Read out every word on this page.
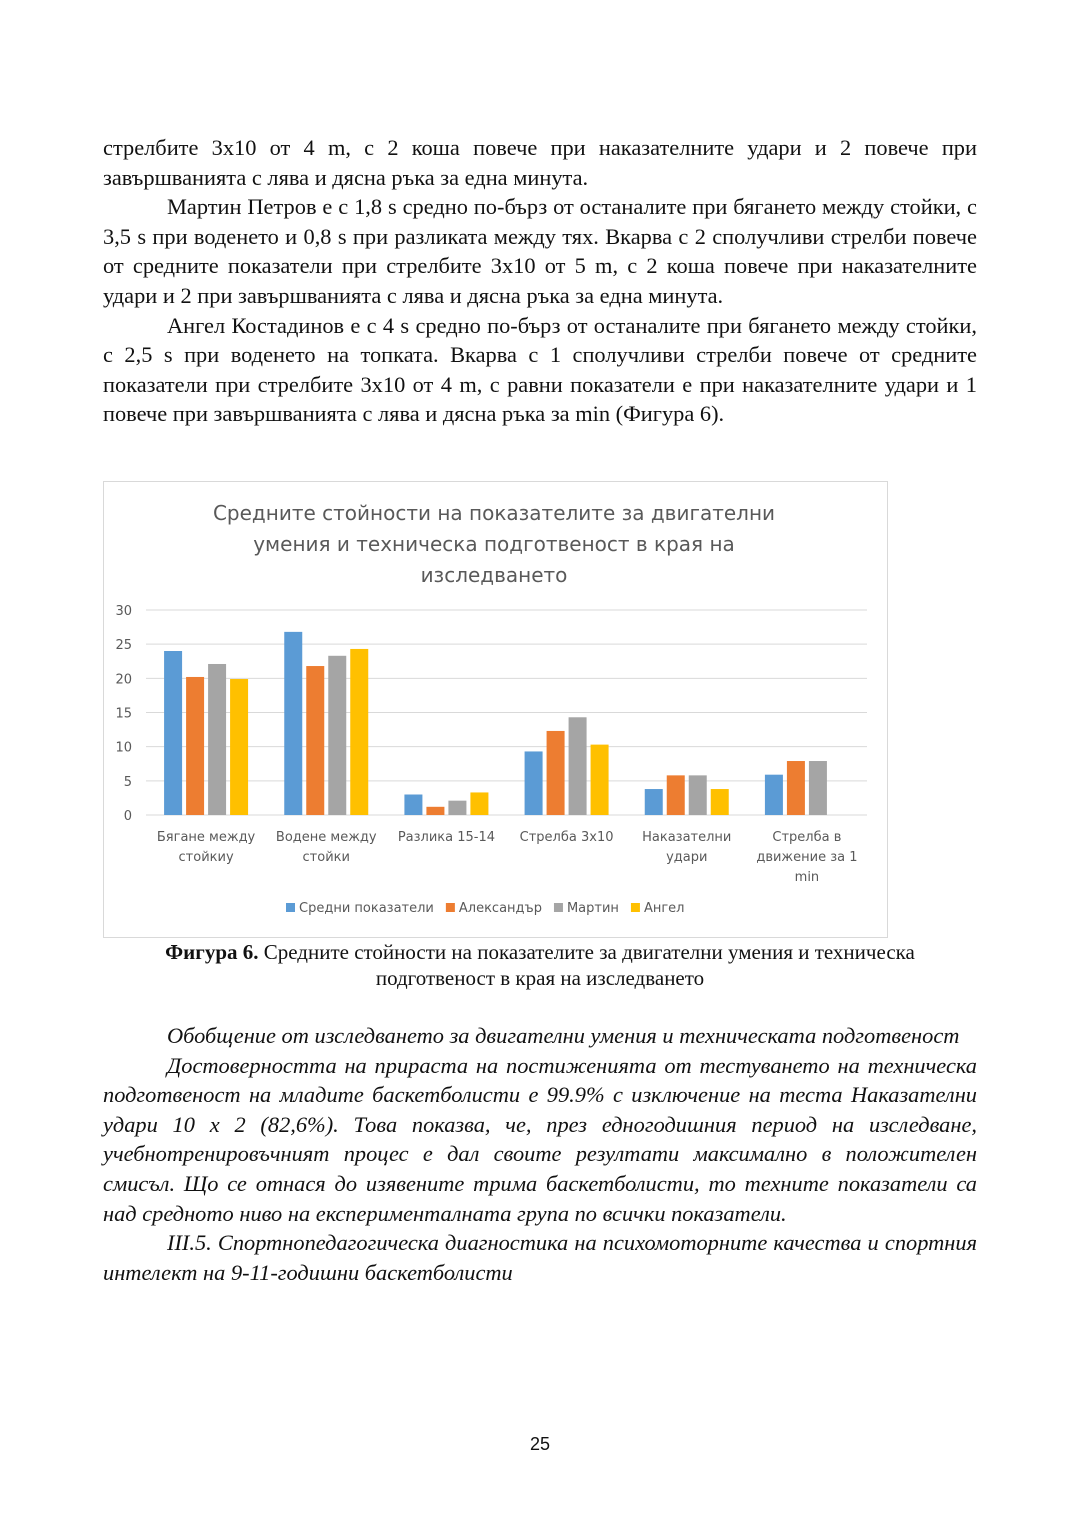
стрелбите 3x10 от 4 m, с 2 коша повече при наказателните удари и 2 повече при завършванията с лява и дясна ръка за една минута.

Мартин Петров е с 1,8 s средно по-бърз от останалите при бягането между стойки, с 3,5 s при воденето и 0,8 s при разликата между тях. Вкарва с 2 сполучливи стрелби повече от средните показатели при стрелбите 3x10 от 5 m, с 2 коша повече при наказателните удари и 2 при завършванията с лява и дясна ръка за една минута.

Ангел Костадинов е с 4 s средно по-бърз от останалите при бягането между стойки, с 2,5 s при воденето на топката. Вкарва с 1 сполучливи стрелби повече от средните показатели при стрелбите 3x10 от 4 m, с равни показатели е при наказателните удари и 1 повече при завършванията с лява и дясна ръка за min (Фигура 6).

Средните стойности на показателите за двигателни
умения и техническа подготвеност в края на
изследването
0
5
10
15
20
25
30
Бягане между
стойкиу
Водене между
стойки
Разлика 15-14 Стрелба 3x10 Наказателни
удари
Стрелба в
движение за 1
min
Средни показатели Александър Мартин Ангел
Фигура 6. Средните стойности на показателите за двигателни умения и техническа подготвеност в края на изследването

Обобщение от изследването за двигателни умения и техническата подготвеност

Достоверността на прираста на постиженията от тестуването на техническа подготвеност на младите баскетболисти е 99.9% с изключение на теста Наказателни удари 10 x 2 (82,6%). Това показва, че, през едногодишния период на изследване, учебнотренировъчният процес е дал своите резултати максимално в положителен смисъл. Що се отнася до изявените трима баскетболисти, то техните показатели са над средното ниво на експерименталната група по всички показатели.

III.5. Спортнопедагогическа диагностика на психомоторните качества и спортния интелект на 9-11-годишни баскетболисти

25
